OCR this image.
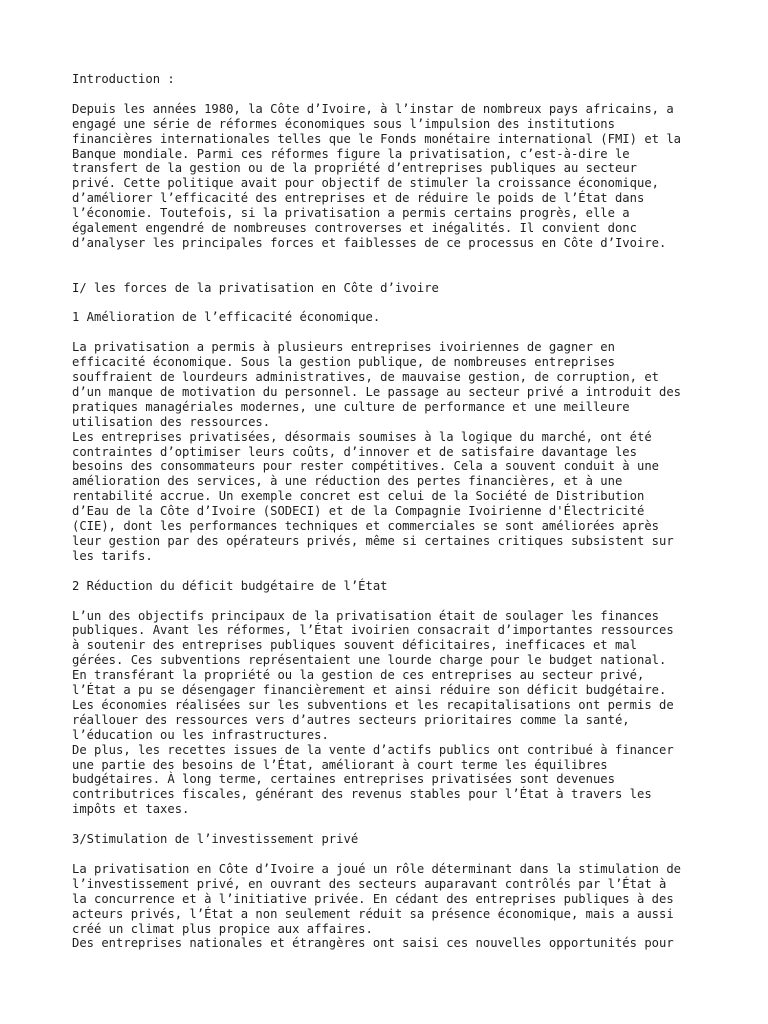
Introduction :

Depuis les années 1980, la Côte d’Ivoire, à l’instar de nombreux pays africains, a
engagé une série de réformes économiques sous l’impulsion des institutions
financières internationales telles que le Fonds monétaire international (FMI) et la
Banque mondiale. Parmi ces réformes figure la privatisation, c’est-à-dire le
transfert de la gestion ou de la propriété d’entreprises publiques au secteur
privé. Cette politique avait pour objectif de stimuler la croissance économique,
d’améliorer l’efficacité des entreprises et de réduire le poids de l’État dans
l’économie. Toutefois, si la privatisation a permis certains progrès, elle a
également engendré de nombreuses controverses et inégalités. Il convient donc
d’analyser les principales forces et faiblesses de ce processus en Côte d’Ivoire.

I/ les forces de la privatisation en Côte d’ivoire

1 Amélioration de l’efficacité économique.

La privatisation a permis à plusieurs entreprises ivoiriennes de gagner en
efficacité économique. Sous la gestion publique, de nombreuses entreprises
souffraient de lourdeurs administratives, de mauvaise gestion, de corruption, et
d’un manque de motivation du personnel. Le passage au secteur privé a introduit des
pratiques managériales modernes, une culture de performance et une meilleure
utilisation des ressources.
Les entreprises privatisées, désormais soumises à la logique du marché, ont été
contraintes d’optimiser leurs coûts, d’innover et de satisfaire davantage les
besoins des consommateurs pour rester compétitives. Cela a souvent conduit à une
amélioration des services, à une réduction des pertes financières, et à une
rentabilité accrue. Un exemple concret est celui de la Société de Distribution
d’Eau de la Côte d’Ivoire (SODECI) et de la Compagnie Ivoirienne d'Électricité
(CIE), dont les performances techniques et commerciales se sont améliorées après
leur gestion par des opérateurs privés, même si certaines critiques subsistent sur
les tarifs.

2 Réduction du déficit budgétaire de l’État

L’un des objectifs principaux de la privatisation était de soulager les finances
publiques. Avant les réformes, l’État ivoirien consacrait d’importantes ressources
à soutenir des entreprises publiques souvent déficitaires, inefficaces et mal
gérées. Ces subventions représentaient une lourde charge pour le budget national.
En transférant la propriété ou la gestion de ces entreprises au secteur privé,
l’État a pu se désengager financièrement et ainsi réduire son déficit budgétaire.
Les économies réalisées sur les subventions et les recapitalisations ont permis de
réallouer des ressources vers d’autres secteurs prioritaires comme la santé,
l’éducation ou les infrastructures.
De plus, les recettes issues de la vente d’actifs publics ont contribué à financer
une partie des besoins de l’État, améliorant à court terme les équilibres
budgétaires. À long terme, certaines entreprises privatisées sont devenues
contributrices fiscales, générant des revenus stables pour l’État à travers les
impôts et taxes.

3/Stimulation de l’investissement privé

La privatisation en Côte d’Ivoire a joué un rôle déterminant dans la stimulation de
l’investissement privé, en ouvrant des secteurs auparavant contrôlés par l’État à
la concurrence et à l’initiative privée. En cédant des entreprises publiques à des
acteurs privés, l’État a non seulement réduit sa présence économique, mais a aussi
créé un climat plus propice aux affaires.
Des entreprises nationales et étrangères ont saisi ces nouvelles opportunités pour
